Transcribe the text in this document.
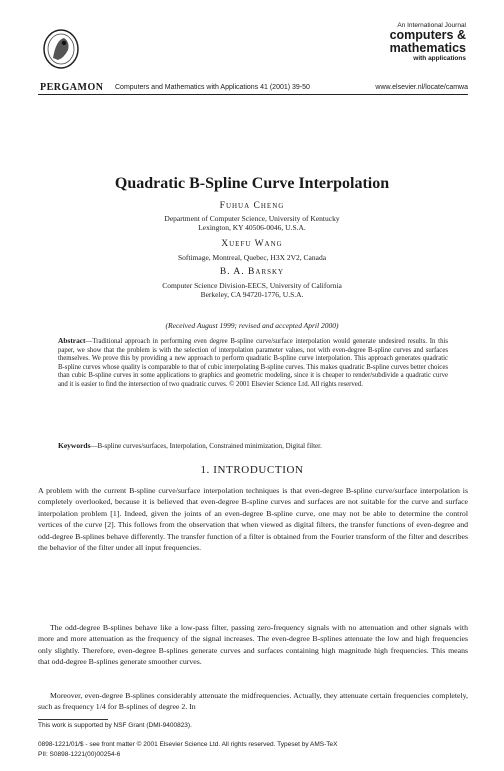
PERGAMON Computers and Mathematics with Applications 41 (2001) 39-50
An International Journal
computers &
mathematics
with applications
www.elsevier.nl/locate/camwa
Quadratic B-Spline Curve Interpolation
Fuhua Cheng
Department of Computer Science, University of Kentucky
Lexington, KY 40506-0046, U.S.A.
Xuefu Wang
Softimage, Montreal, Quebec, H3X 2V2, Canada
B. A. Barsky
Computer Science Division-EECS, University of California
Berkeley, CA 94720-1776, U.S.A.
(Received August 1999; revised and accepted April 2000)
Abstract—Traditional approach in performing even degree B-spline curve/surface interpolation would generate undesired results. In this paper, we show that the problem is with the selection of interpolation parameter values, not with even-degree B-spline curves and surfaces themselves. We prove this by providing a new approach to perform quadratic B-spline curve interpolation. This approach generates quadratic B-spline curves whose quality is comparable to that of cubic interpolating B-spline curves. This makes quadratic B-spline curves better choices than cubic B-spline curves in some applications to graphics and geometric modeling, since it is cheaper to render/subdivide a quadratic curve and it is easier to find the intersection of two quadratic curves. © 2001 Elsevier Science Ltd. All rights reserved.
Keywords—B-spline curves/surfaces, Interpolation, Constrained minimization, Digital filter.
1. INTRODUCTION
A problem with the current B-spline curve/surface interpolation techniques is that even-degree B-spline curve/surface interpolation is completely overlooked, because it is believed that even-degree B-spline curves and surfaces are not suitable for the curve and surface interpolation problem [1]. Indeed, given the joints of an even-degree B-spline curve, one may not be able to determine the control vertices of the curve [2]. This follows from the observation that when viewed as digital filters, the transfer functions of even-degree and odd-degree B-splines behave differently. The transfer function of a filter is obtained from the Fourier transform of the filter and describes the behavior of the filter under all input frequencies.
The odd-degree B-splines behave like a low-pass filter, passing zero-frequency signals with no attenuation and other signals with more and more attenuation as the frequency of the signal increases. The even-degree B-splines attenuate the low and high frequencies only slightly. Therefore, even-degree B-splines generate curves and surfaces containing high magnitude high frequencies. This means that odd-degree B-splines generate smoother curves.
Moreover, even-degree B-splines considerably attenuate the midfrequencies. Actually, they attenuate certain frequencies completely, such as frequency 1/4 for B-splines of degree 2. In
This work is supported by NSF Grant (DMI-9400823).
0898-1221/01/$ - see front matter © 2001 Elsevier Science Ltd. All rights reserved. Typeset by AMS-TeX
PII: S0898-1221(00)00254-6
